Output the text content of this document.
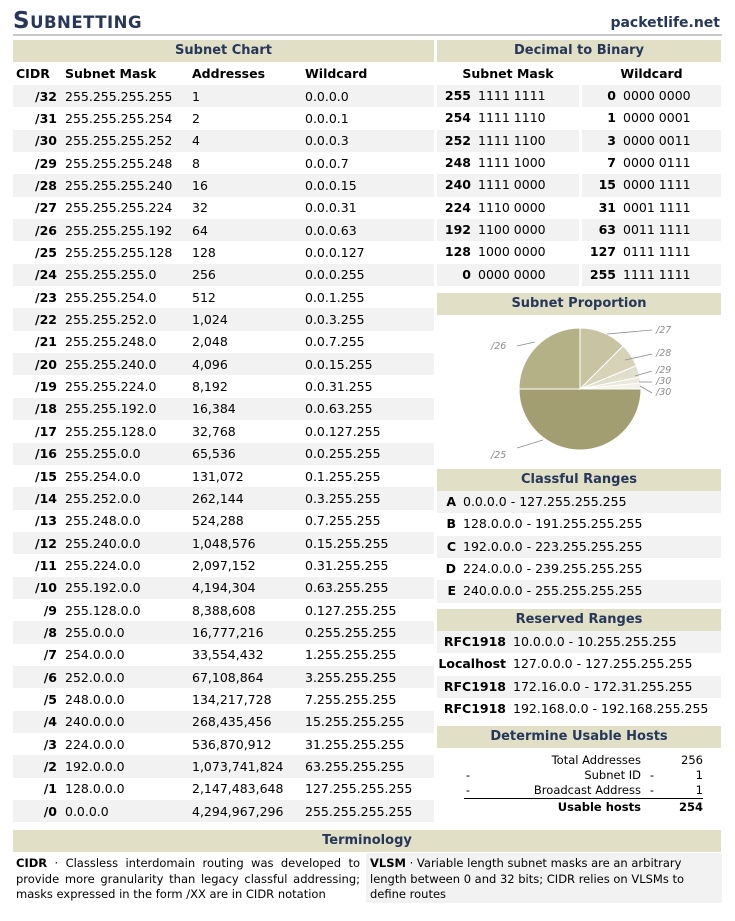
SUBNETTING	packetlife.net
Subnet Chart
CIDR	Subnet Mask	Addresses	Wildcard
/32	255.255.255.255	1	0.0.0.0
/31	255.255.255.254	2	0.0.0.1
/30	255.255.255.252	4	0.0.0.3
/29	255.255.255.248	8	0.0.0.7
/28	255.255.255.240	16	0.0.0.15
/27	255.255.255.224	32	0.0.0.31
/26	255.255.255.192	64	0.0.0.63
/25	255.255.255.128	128	0.0.0.127
/24	255.255.255.0	256	0.0.0.255
/23	255.255.254.0	512	0.0.1.255
/22	255.255.252.0	1,024	0.0.3.255
/21	255.255.248.0	2,048	0.0.7.255
/20	255.255.240.0	4,096	0.0.15.255
/19	255.255.224.0	8,192	0.0.31.255
/18	255.255.192.0	16,384	0.0.63.255
/17	255.255.128.0	32,768	0.0.127.255
/16	255.255.0.0	65,536	0.0.255.255
/15	255.254.0.0	131,072	0.1.255.255
/14	255.252.0.0	262,144	0.3.255.255
/13	255.248.0.0	524,288	0.7.255.255
/12	255.240.0.0	1,048,576	0.15.255.255
/11	255.224.0.0	2,097,152	0.31.255.255
/10	255.192.0.0	4,194,304	0.63.255.255
/9	255.128.0.0	8,388,608	0.127.255.255
/8	255.0.0.0	16,777,216	0.255.255.255
/7	254.0.0.0	33,554,432	1.255.255.255
/6	252.0.0.0	67,108,864	3.255.255.255
/5	248.0.0.0	134,217,728	7.255.255.255
/4	240.0.0.0	268,435,456	15.255.255.255
/3	224.0.0.0	536,870,912	31.255.255.255
/2	192.0.0.0	1,073,741,824	63.255.255.255
/1	128.0.0.0	2,147,483,648	127.255.255.255
/0	0.0.0.0	4,294,967,296	255.255.255.255
Decimal to Binary
Subnet Mask	Wildcard
255 1111 1111	0 0000 0000
254 1111 1110	1 0000 0001
252 1111 1100	3 0000 0011
248 1111 1000	7 0000 0111
240 1111 0000	15 0000 1111
224 1110 0000	31 0001 1111
192 1100 0000	63 0011 1111
128 1000 0000	127 0111 1111
0 0000 0000	255 1111 1111
Subnet Proportion
/25
/26
/27
/28
/29
/30
/30
Classful Ranges
A 0.0.0.0 - 127.255.255.255
B 128.0.0.0 - 191.255.255.255
C 192.0.0.0 - 223.255.255.255
D 224.0.0.0 - 239.255.255.255
E 240.0.0.0 - 255.255.255.255
Reserved Ranges
RFC1918 10.0.0.0 - 10.255.255.255
Localhost 127.0.0.0 - 127.255.255.255
RFC1918 172.16.0.0 - 172.31.255.255
RFC1918 192.168.0.0 - 192.168.255.255
Determine Usable Hosts
Total Addresses	256
-	Subnet ID -	1
-	Broadcast Address -	1
Usable hosts	254
Terminology
CIDR · Classless interdomain routing was developed to provide more granularity than legacy classful addressing; masks expressed in the form /XX are in CIDR notation
VLSM · Variable length subnet masks are an arbitrary length between 0 and 32 bits; CIDR relies on VLSMs to define routes
